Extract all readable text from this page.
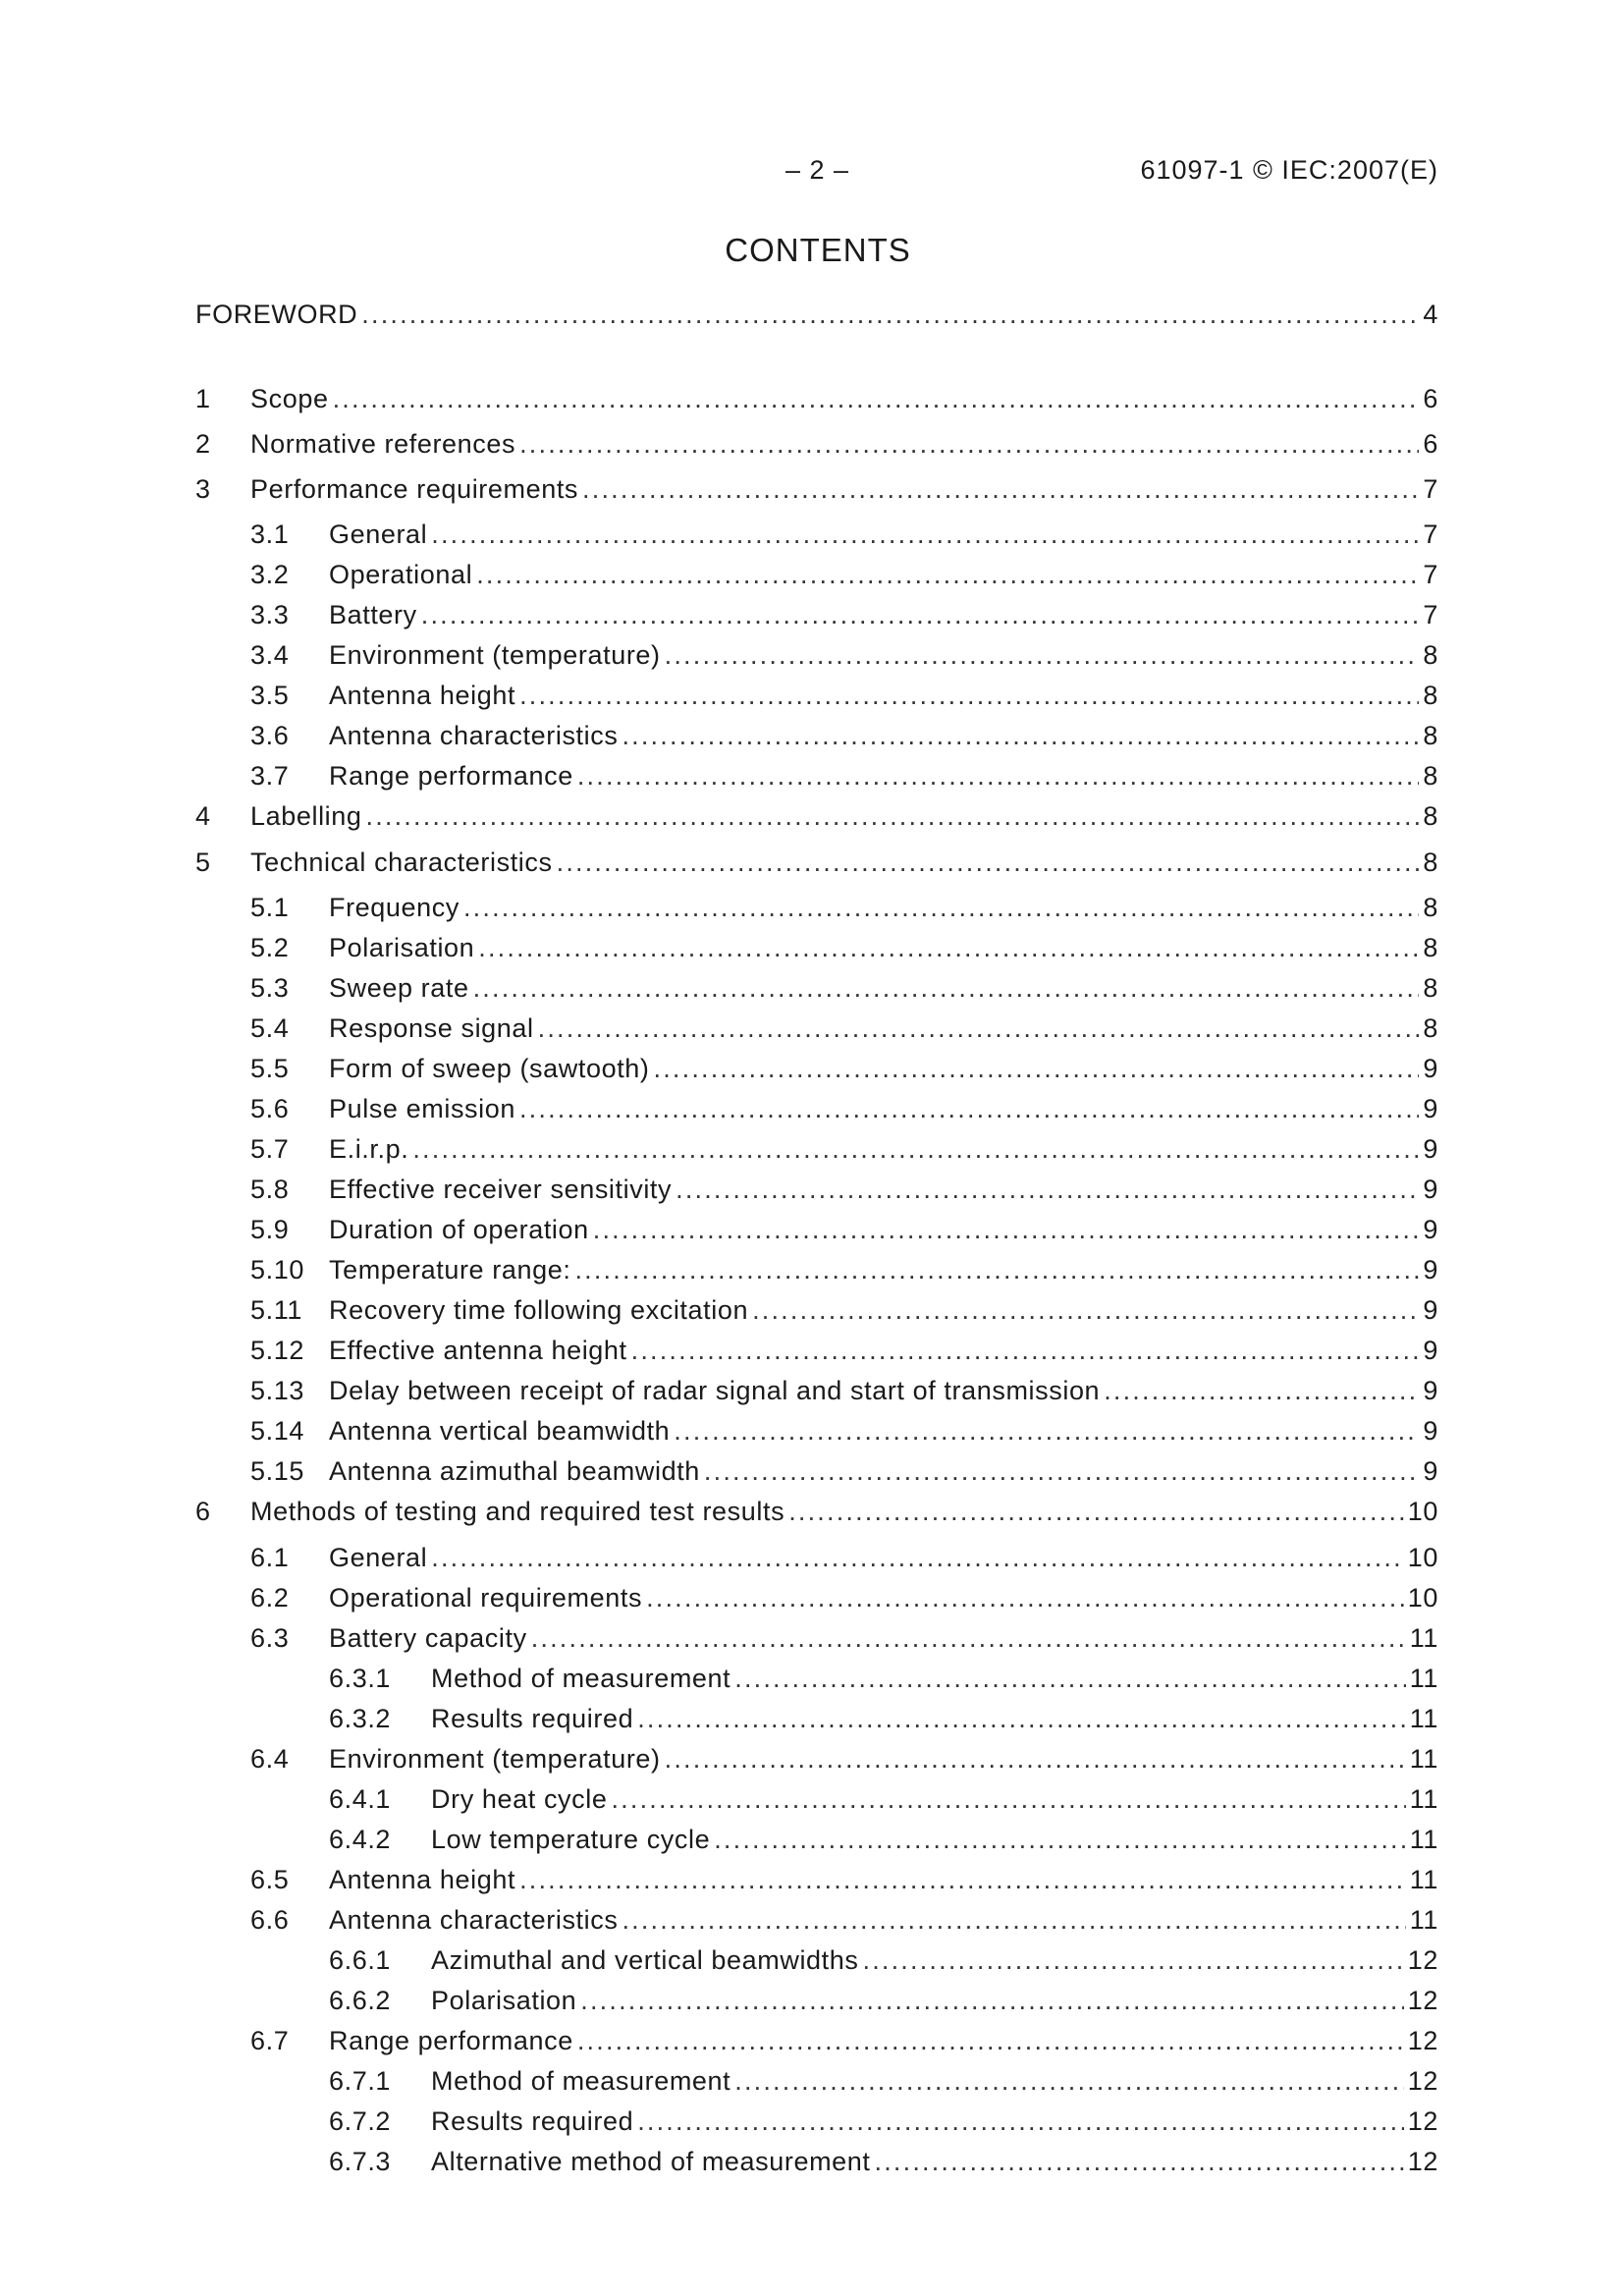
– 2 –	61097-1 © IEC:2007(E)
CONTENTS
FOREWORD .....	4
1 Scope .....	6
2 Normative references .....	6
3 Performance requirements .....	7
3.1 General .....	7
3.2 Operational .....	7
3.3 Battery .....	7
3.4 Environment (temperature) .....	8
3.5 Antenna height .....	8
3.6 Antenna characteristics .....	8
3.7 Range performance .....	8
4 Labelling .....	8
5 Technical characteristics .....	8
5.1 Frequency .....	8
5.2 Polarisation .....	8
5.3 Sweep rate .....	8
5.4 Response signal .....	8
5.5 Form of sweep (sawtooth) .....	9
5.6 Pulse emission .....	9
5.7 E.i.r.p. .....	9
5.8 Effective receiver sensitivity .....	9
5.9 Duration of operation .....	9
5.10 Temperature range: .....	9
5.11 Recovery time following excitation .....	9
5.12 Effective antenna height .....	9
5.13 Delay between receipt of radar signal and start of transmission .....	9
5.14 Antenna vertical beamwidth .....	9
5.15 Antenna azimuthal beamwidth .....	9
6 Methods of testing and required test results .....	10
6.1 General .....	10
6.2 Operational requirements .....	10
6.3 Battery capacity .....	11
6.3.1 Method of measurement .....	11
6.3.2 Results required .....	11
6.4 Environment (temperature) .....	11
6.4.1 Dry heat cycle .....	11
6.4.2 Low temperature cycle .....	11
6.5 Antenna height .....	11
6.6 Antenna characteristics .....	11
6.6.1 Azimuthal and vertical beamwidths .....	12
6.6.2 Polarisation .....	12
6.7 Range performance .....	12
6.7.1 Method of measurement .....	12
6.7.2 Results required .....	12
6.7.3 Alternative method of measurement .....	12
